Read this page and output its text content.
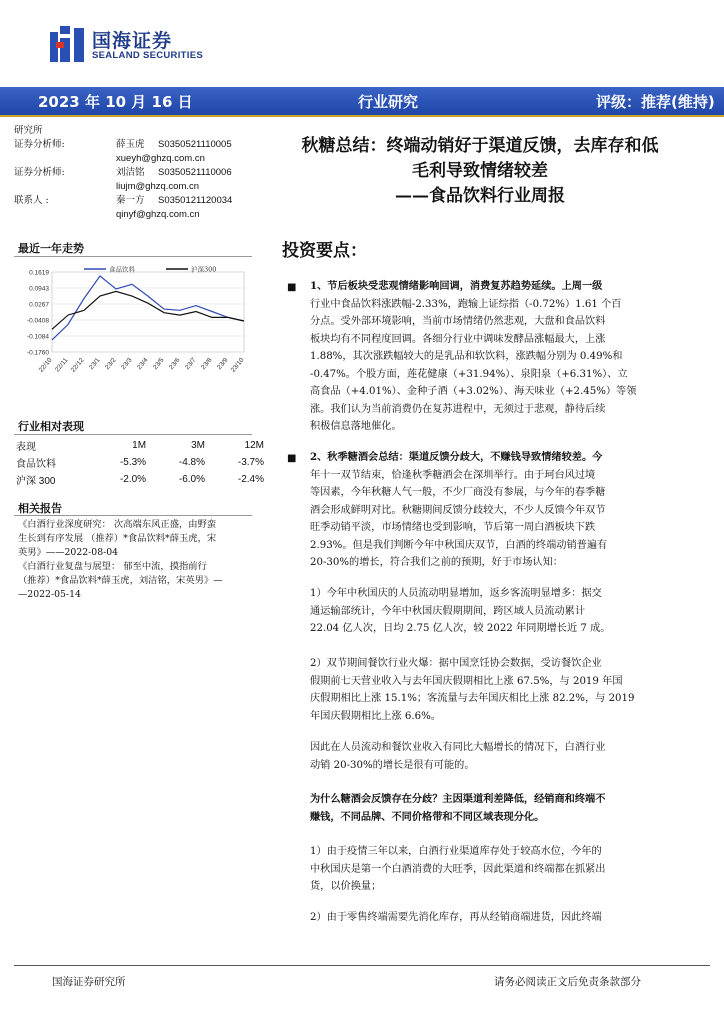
国海证券
SEALAND SECURITIES
2023 年 10 月 16 日	行业研究	评级：推荐(维持)
研究所
证券分析师:	薛玉虎 S0350521110005
xueyh@ghzq.com.cn
证券分析师:	刘洁铭 S0350521110006
liujm@ghzq.com.cn
联系人 :	秦一方 S0350121120034
qinyf@ghzq.com.cn
秋糖总结：终端动销好于渠道反馈，去库存和低
毛利导致情绪较差
——食品饮料行业周报
最近一年走势
0.1619
0.0943
0.0267
-0.0408
-0.1084
-0.1760
22/10 22/11 22/12 23/1 23/2 23/3 23/4 23/5 23/6 23/7 23/8 23/9 23/10
食品饮料	沪深300
行业相对表现
表现	1M	3M	12M
食品饮料	-5.3%	-4.8%	-3.7%
沪深 300	-2.0%	-6.0%	-2.4%
相关报告
《白酒行业深度研究： 次高端东风正盛，由野蛮
生长到有序发展 （推荐）*食品饮料*薛玉虎，宋
英男》——2022-08-04
《白酒行业复盘与展望： 郁至中流，摸指前行
（推荐）*食品饮料*薛玉虎，刘洁铭，宋英男》—
—2022-05-14
投资要点：
■ 1、节后板块受悲观情绪影响回调，消费复苏趋势延续。上周一级
行业中食品饮料涨跌幅-2.33%，跑输上证综指（-0.72%）1.61 个百
分点。受外部环境影响，当前市场情绪仍然悲观，大盘和食品饮料
板块均有不同程度回调。各细分行业中调味发酵品涨幅最大，上涨
1.88%，其次涨跌幅较大的是乳品和软饮料，涨跌幅分别为 0.49%和
-0.47%。个股方面，莲花健康（+31.94%）、泉阳泉（+6.31%）、立
高食品（+4.01%）、金种子酒（+3.02%）、海天味业（+2.45%）等领
涨。我们认为当前消费仍在复苏进程中，无须过于悲观，静待后续
积极信息落地催化。
■ 2、秋季糖酒会总结：渠道反馈分歧大，不赚钱导致情绪较差。今
年十一双节结束，恰逢秋季糖酒会在深圳举行。由于珂台风过境
等因素，今年秋糖人气一般，不少厂商没有参展，与今年的春季糖
酒会形成鲜明对比。秋糖期间反馈分歧较大，不少人反馈今年双节
旺季动销平淡，市场情绪也受到影响，节后第一周白酒板块下跌
2.93%。但是我们判断今年中秋国庆双节，白酒的终端动销普遍有
20-30%的增长，符合我们之前的预期，好于市场认知：
1）今年中秋国庆的人员流动明显增加，返乡客流明显增多：据交
通运输部统计，今年中秋国庆假期期间，跨区域人员流动累计
22.04 亿人次，日均 2.75 亿人次，较 2022 年同期增长近 7 成。
2）双节期间餐饮行业火爆：据中国烹饪协会数据，受访餐饮企业
假期前七天营业收入与去年国庆假期相比上涨 67.5%，与 2019 年国
庆假期相比上涨 15.1%；客流量与去年国庆相比上涨 82.2%，与 2019
年国庆假期相比上涨 6.6%。
因此在人员流动和餐饮业收入有同比大幅增长的情况下，白酒行业
动销 20-30%的增长是很有可能的。
为什么糖酒会反馈存在分歧？主因渠道利差降低，经销商和终端不
赚钱，不同品牌、不同价格带和不同区域表现分化。
1）由于疫情三年以来，白酒行业渠道库存处于较高水位，今年的
中秋国庆是第一个白酒消费的大旺季，因此渠道和终端都在抓紧出
货，以价换量；
2）由于零售终端需要先消化库存，再从经销商端进货，因此终端
国海证券研究所	请务必阅读正文后免责条款部分
